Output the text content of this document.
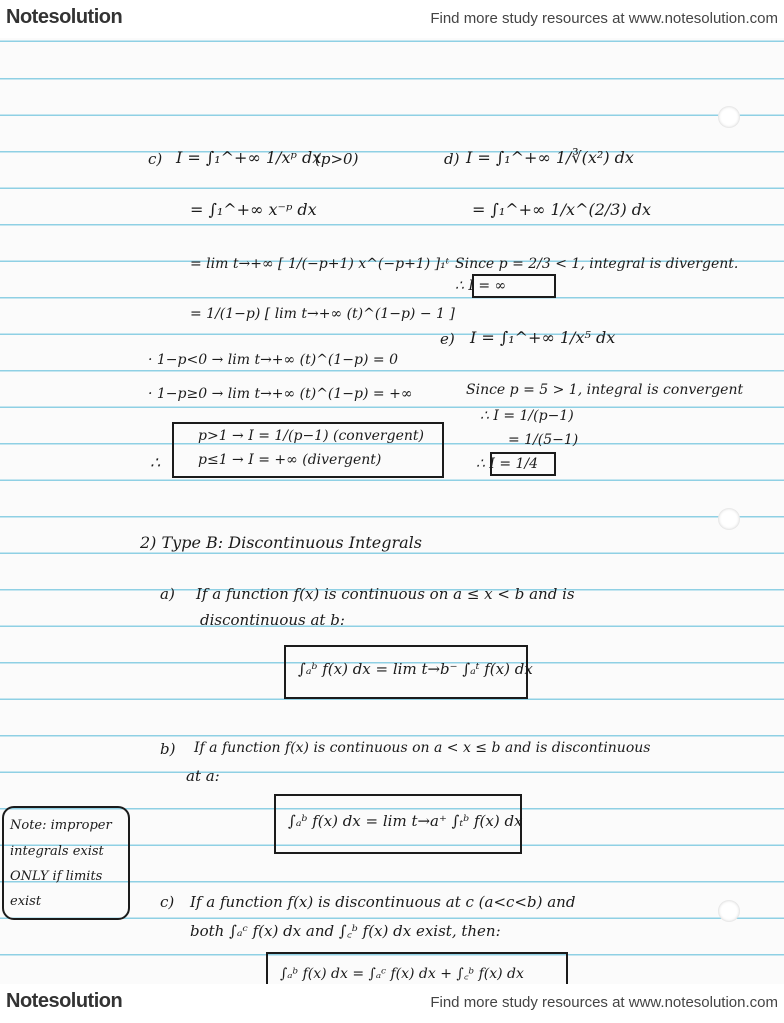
Notesolution	Find more study resources at www.notesolution.com
c) I = ∫₁^+∞ 1/xᵖ dx
(p>0)
= ∫₁^+∞ x⁻ᵖ dx
= lim t→+∞ [ 1/(−p+1) x^(−p+1) ]₁ᵗ
= 1/(1−p) [ lim t→+∞ (t)^(1−p) − 1 ]
· 1−p<0 → lim t→+∞ (t)^(1−p) = 0
· 1−p≥0 → lim t→+∞ (t)^(1−p) = +∞
∴
p>1 → I = 1/(p−1) (convergent)
p≤1 → I = +∞ (divergent)
d) I = ∫₁^+∞ 1/∛(x²) dx
= ∫₁^+∞ 1/x^(2/3) dx
Since p = 2/3 < 1, integral is divergent.
∴ I = ∞
e) I = ∫₁^+∞ 1/x⁵ dx
Since p = 5 > 1, integral is convergent
∴ I = 1/(p−1)
= 1/(5−1)
∴ I = 1/4
2) Type B: Discontinuous Integrals
a) If a function f(x) is continuous on a ≤ x < b and is
discontinuous at b:
∫ₐᵇ f(x) dx = lim t→b⁻ ∫ₐᵗ f(x) dx
b) If a function f(x) is continuous on a < x ≤ b and is discontinuous
at a:
∫ₐᵇ f(x) dx = lim t→a⁺ ∫ₜᵇ f(x) dx
c) If a function f(x) is discontinuous at c (a<c<b) and
both ∫ₐᶜ f(x) dx and ∫꜀ᵇ f(x) dx exist, then:
∫ₐᵇ f(x) dx = ∫ₐᶜ f(x) dx + ∫꜀ᵇ f(x) dx
Note: improper
integrals exist
ONLY if limits
exist
Notesolution	Find more study resources at www.notesolution.com
